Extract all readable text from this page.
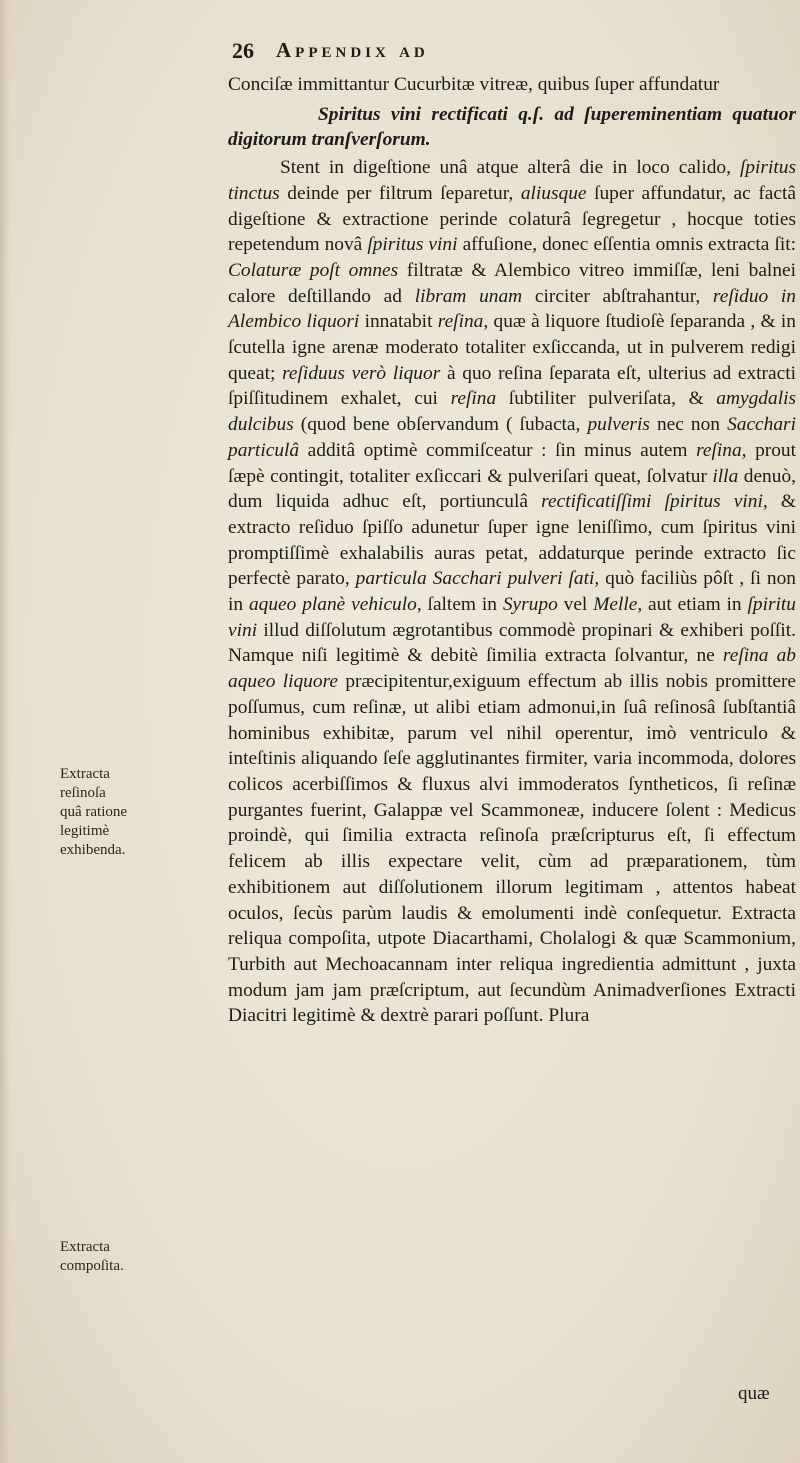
26 Appendix ad

Conciſæ immittantur Cucurbitæ vitreæ, quibus ſuper affundatur

Spiritus vini rectificati q.ſ. ad ſupereminentiam quatuor digitorum tranſverſorum.

Stent in digeſtione unâ atque alterâ die in loco calido, ſpiritus tinctus deinde per filtrum ſeparetur, aliusque ſuper affundatur, ac factâ digeſtione & extractione perinde colaturâ ſegregetur , hocque toties repetendum novâ ſpiritus vini affuſione, donec eſſentia omnis extracta ſit: Colaturæ poſt omnes filtratæ & Alembico vitreo immiſſæ, leni balnei calore deſtillando ad libram unam circiter abſtrahantur, reſiduo in Alembico liquori innatabit reſina, quæ à liquore ſtudioſè ſeparanda , & in ſcutella igne arenæ moderato totaliter exſiccanda, ut in pulverem redigi queat; reſiduus verò liquor à quo reſina ſeparata eſt, ulterius ad extracti ſpiſſitudinem exhalet, cui reſina ſubtiliter pulveriſata, & amygdalis dulcibus (quod bene obſervandum ( ſubacta, pulveris nec non Sacchari particulâ additâ optimè commiſceatur : ſin minus autem reſina, prout ſæpè contingit, totaliter exſiccari & pulveriſari queat, ſolvatur illa denuò, dum liquida adhuc eſt, portiunculâ rectificatiſſimi ſpiritus vini, & extracto reſiduo ſpiſſo adunetur ſuper igne leniſſimo, cum ſpiritus vini promptiſſimè exhalabilis auras petat, addaturque perinde extracto ſic perfectè parato, particula Sacchari pulveri ſati, quò faciliùs pôſt , ſi non in aqueo planè vehiculo, ſaltem in Syrupo vel Melle, aut etiam in ſpiritu vini illud diſſolutum ægrotantibus commodè propinari & exhiberi poſſit. Namque niſi legitimè & debitè ſimilia extracta ſolvantur, ne reſina ab aqueo liquore præcipitentur,exiguum effectum ab illis nobis promittere poſſumus, cum reſinæ, ut alibi etiam admonui,in ſuâ reſinosâ ſubſtantiâ hominibus exhibitæ, parum vel nihil operentur, imò ventriculo & inteſtinis aliquando ſeſe agglutinantes firmiter, varia incommoda, dolores colicos acerbiſſimos & fluxus alvi immoderatos ſyntheticos, ſi reſinæ purgantes fuerint, Galappæ vel Scammoneæ, inducere ſolent : Medicus proindè, qui ſimilia extracta reſinoſa præſcripturus eſt, ſi effectum felicem ab illis expectare velit, cùm ad præparationem, tùm exhibitionem aut diſſolutionem illorum legitimam , attentos habeat oculos, ſecùs parùm laudis & emolumenti indè conſequetur. Extracta reliqua compoſita, utpote Diacarthami, Cholalogi & quæ Scammonium, Turbith aut Mechoacannam inter reliqua ingredientia admittunt , juxta modum jam jam præſcriptum, aut ſecundùm Animadverſiones Extracti Diacitri legitimè & dextrè parari poſſunt. Plura

quæ
Extracta
reſinoſa
quâ ratione
legitimè
exhibenda.
Extracta
compoſita.
